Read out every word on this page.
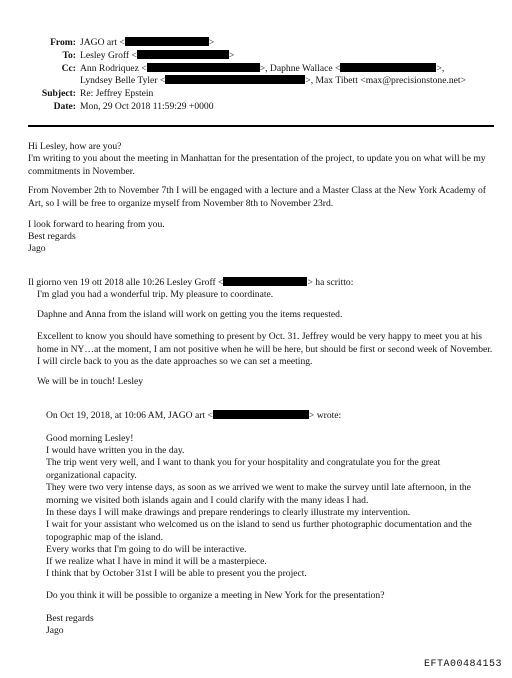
From: JAGO art <	>
To: Lesley Groff <	>
Cc: Ann Rodriquez <	>, Daphne Wallace <	>,
Lyndsey Belle Tyler <	>, Max Tibett <max@precisionstone.net>
Subject: Re: Jeffrey Epstein
Date: Mon, 29 Oct 2018 11:59:29 +0000
Hi Lesley, how are you?
I'm writing to you about the meeting in Manhattan for the presentation of the project, to update you on what will be my commitments in November.
From November 2th to November 7th I will be engaged with a lecture and a Master Class at the New York Academy of Art, so I will be free to organize myself from November 8th to November 23rd.
I look forward to hearing from you.
Best regards
Jago
Il giorno ven 19 ott 2018 alle 10:26 Lesley Groff <	> ha scritto:
I'm glad you had a wonderful trip. My pleasure to coordinate.
Daphne and Anna from the island will work on getting you the items requested.
Excellent to know you should have something to present by Oct. 31. Jeffrey would be very happy to meet you at his home in NY…at the moment, I am not positive when he will be here, but should be first or second week of November. I will circle back to you as the date approaches so we can set a meeting.
We will be in touch! Lesley
On Oct 19, 2018, at 10:06 AM, JAGO art <	> wrote:
Good morning Lesley!
I would have written you in the day.
The trip went very well, and I want to thank you for your hospitality and congratulate you for the great organizational capacity.
They were two very intense days, as soon as we arrived we went to make the survey until late afternoon, in the morning we visited both islands again and I could clarify with the many ideas I had.
In these days I will make drawings and prepare renderings to clearly illustrate my intervention.
I wait for your assistant who welcomed us on the island to send us further photographic documentation and the topographic map of the island.
Every works that I'm going to do will be interactive.
If we realize what I have in mind it will be a masterpiece.
I think that by October 31st I will be able to present you the project.
Do you think it will be possible to organize a meeting in New York for the presentation?
Best regards
Jago
EFTA00484153
